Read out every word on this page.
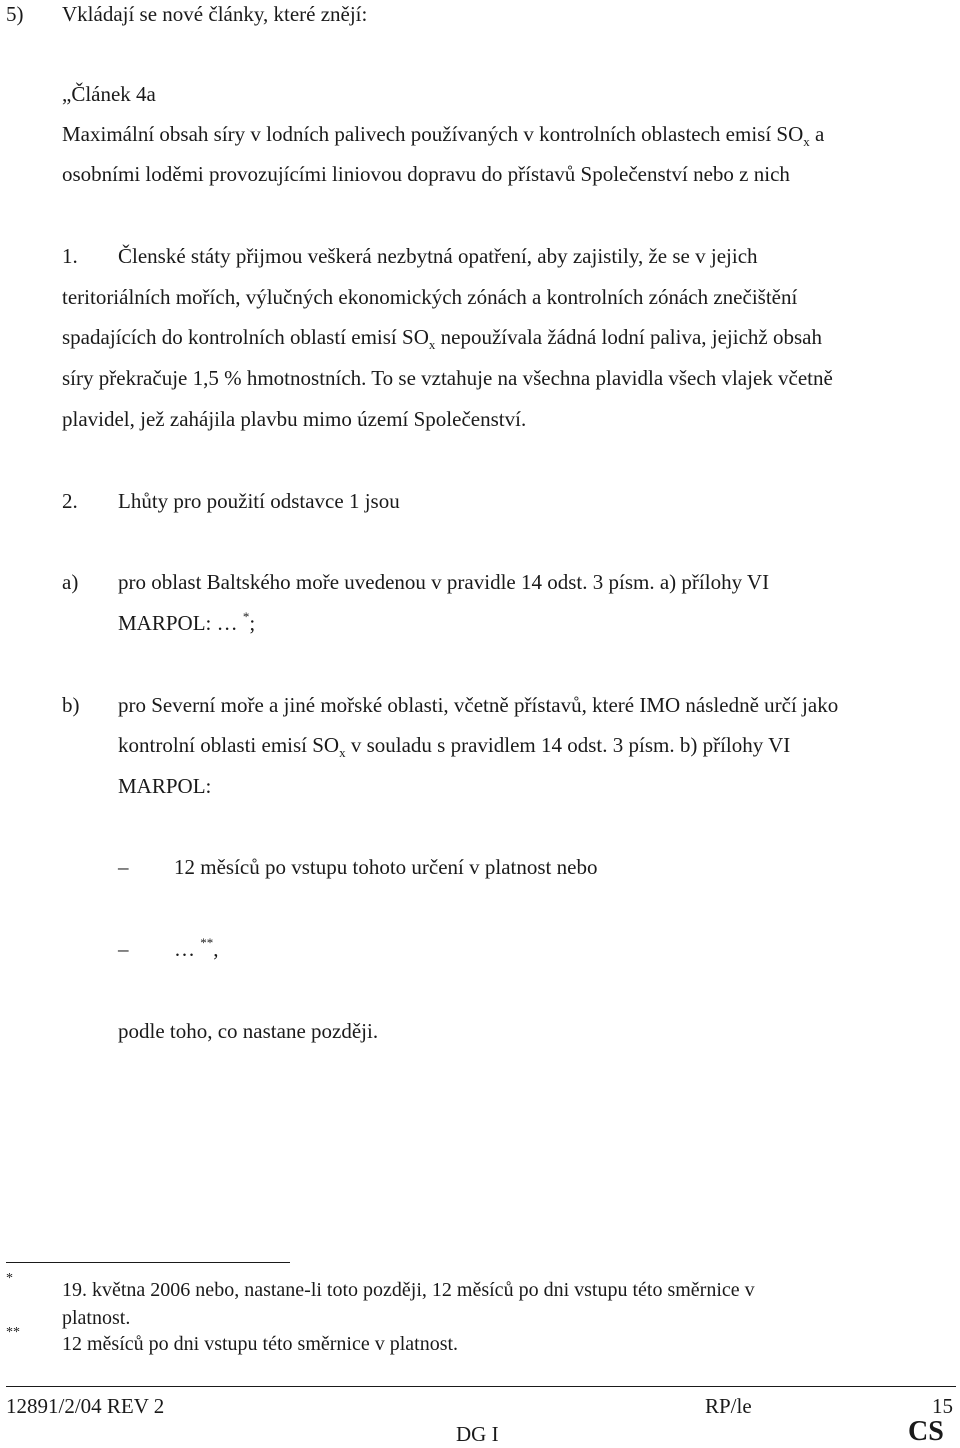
5) Vkládají se nové články, které znějí:
„Článek 4a
Maximální obsah síry v lodních palivech používaných v kontrolních oblastech emisí $SO_x$ a
osobními loděmi provozujícími liniovou dopravu do přístavů Společenství nebo z nich
1. Členské státy přijmou veškerá nezbytná opatření, aby zajistily, že se v jejich
teritoriálních mořích, výlučných ekonomických zónách a kontrolních zónách znečištění
spadajících do kontrolních oblastí emisí $SO_x$ nepoužívala žádná lodní paliva, jejichž obsah
síry překračuje 1,5 % hmotnostních. To se vztahuje na všechna plavidla všech vlajek včetně
plavidel, jež zahájila plavbu mimo území Společenství.
2. Lhůty pro použití odstavce 1 jsou
a) pro oblast Baltského moře uvedenou v pravidle 14 odst. 3 písm. a) přílohy VI
MARPOL: … *;
b) pro Severní moře a jiné mořské oblasti, včetně přístavů, které IMO následně určí jako
kontrolní oblasti emisí $SO_x$ v souladu s pravidlem 14 odst. 3 písm. b) přílohy VI
MARPOL:
– 12 měsíců po vstupu tohoto určení v platnost nebo
– … **,
podle toho, co nastane později.
*
19. května 2006 nebo, nastane-li toto později, 12 měsíců po dni vstupu této směrnice v
platnost.
**
12 měsíců po dni vstupu této směrnice v platnost.
12891/2/04 REV 2	RP/le	15
DG I	CS
